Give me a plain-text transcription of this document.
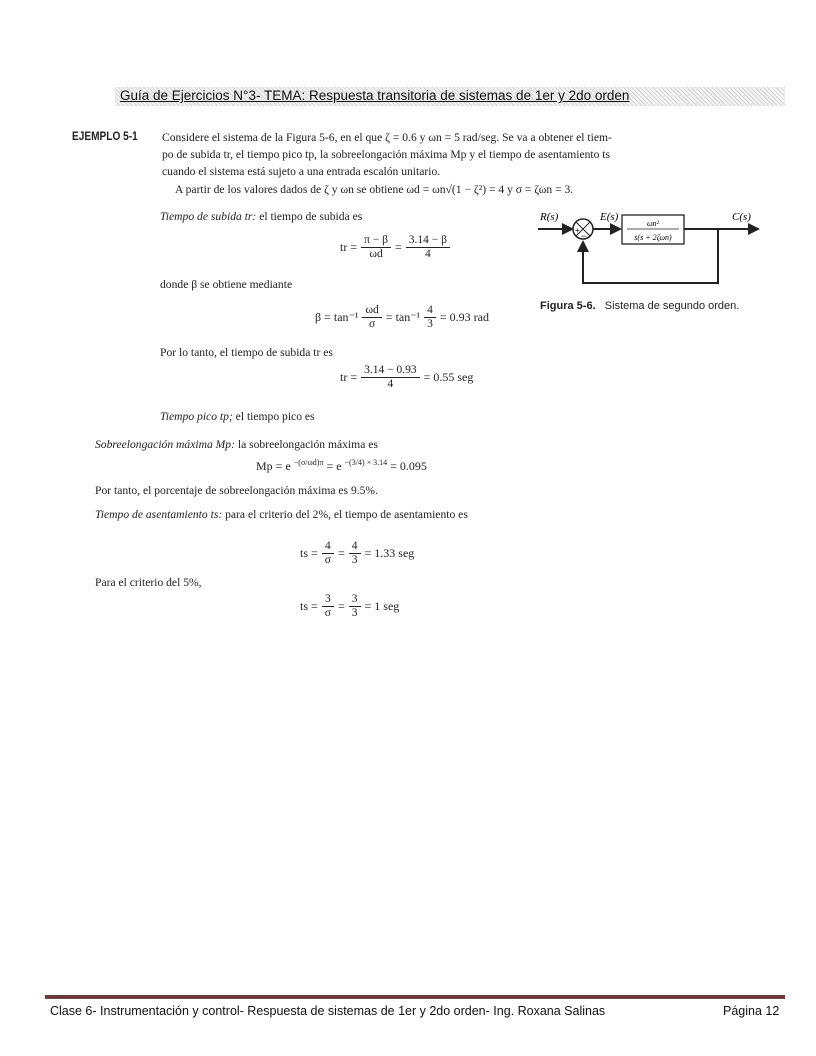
Guía de Ejercicios N°3- TEMA: Respuesta transitoria de sistemas de 1er y 2do orden
EJEMPLO 5-1 Considere el sistema de la Figura 5-6, en el que ζ = 0.6 y ωn = 5 rad/seg. Se va a obtener el tiem-
po de subida tr, el tiempo pico tp, la sobreelongación máxima Mp y el tiempo de asentamiento ts
cuando el sistema está sujeto a una entrada escalón unitario.
A partir de los valores dados de ζ y ωn se obtiene ωd = ωn√(1 − ζ²) = 4 y σ = ζωn = 3.
Tiempo de subida tr: el tiempo de subida es
tr = $\frac{\pi - \beta}{\omega d} = \frac{3.14 - \beta}{4}$
donde β se obtiene mediante
$\beta = \tan^{-1} \frac{\omega d}{\sigma} = \tan^{-1} \frac{4}{3} = 0.93$ rad
Por lo tanto, el tiempo de subida tr es
tr = $\frac{3.14 - 0.93}{4} = 0.55$ seg
Tiempo pico tp; el tiempo pico es
Sobreelongación máxima Mp: la sobreelongación máxima es
Mp = e $^{-(\sigma/\omega d)\pi}$ = e $^{-(3/4) \times 3.14}$ = 0.095
Por tanto, el porcentaje de sobreelongación máxima es 9.5%.
Tiempo de asentamiento ts: para el criterio del 2%, el tiempo de asentamiento es
ts = $\frac{4}{\sigma} = \frac{4}{3} = 1.33$ seg
Para el criterio del 5%,
ts = $\frac{3}{\sigma} = \frac{3}{3} = 1$ seg
R(s)	E(s)	C(s)
+
−
ωn²
s(s + 2ζωn)
Figura 5-6. Sistema de segundo orden.
Clase 6- Instrumentación y control- Respuesta de sistemas de 1er y 2do orden- Ing. Roxana Salinas	Página 12
